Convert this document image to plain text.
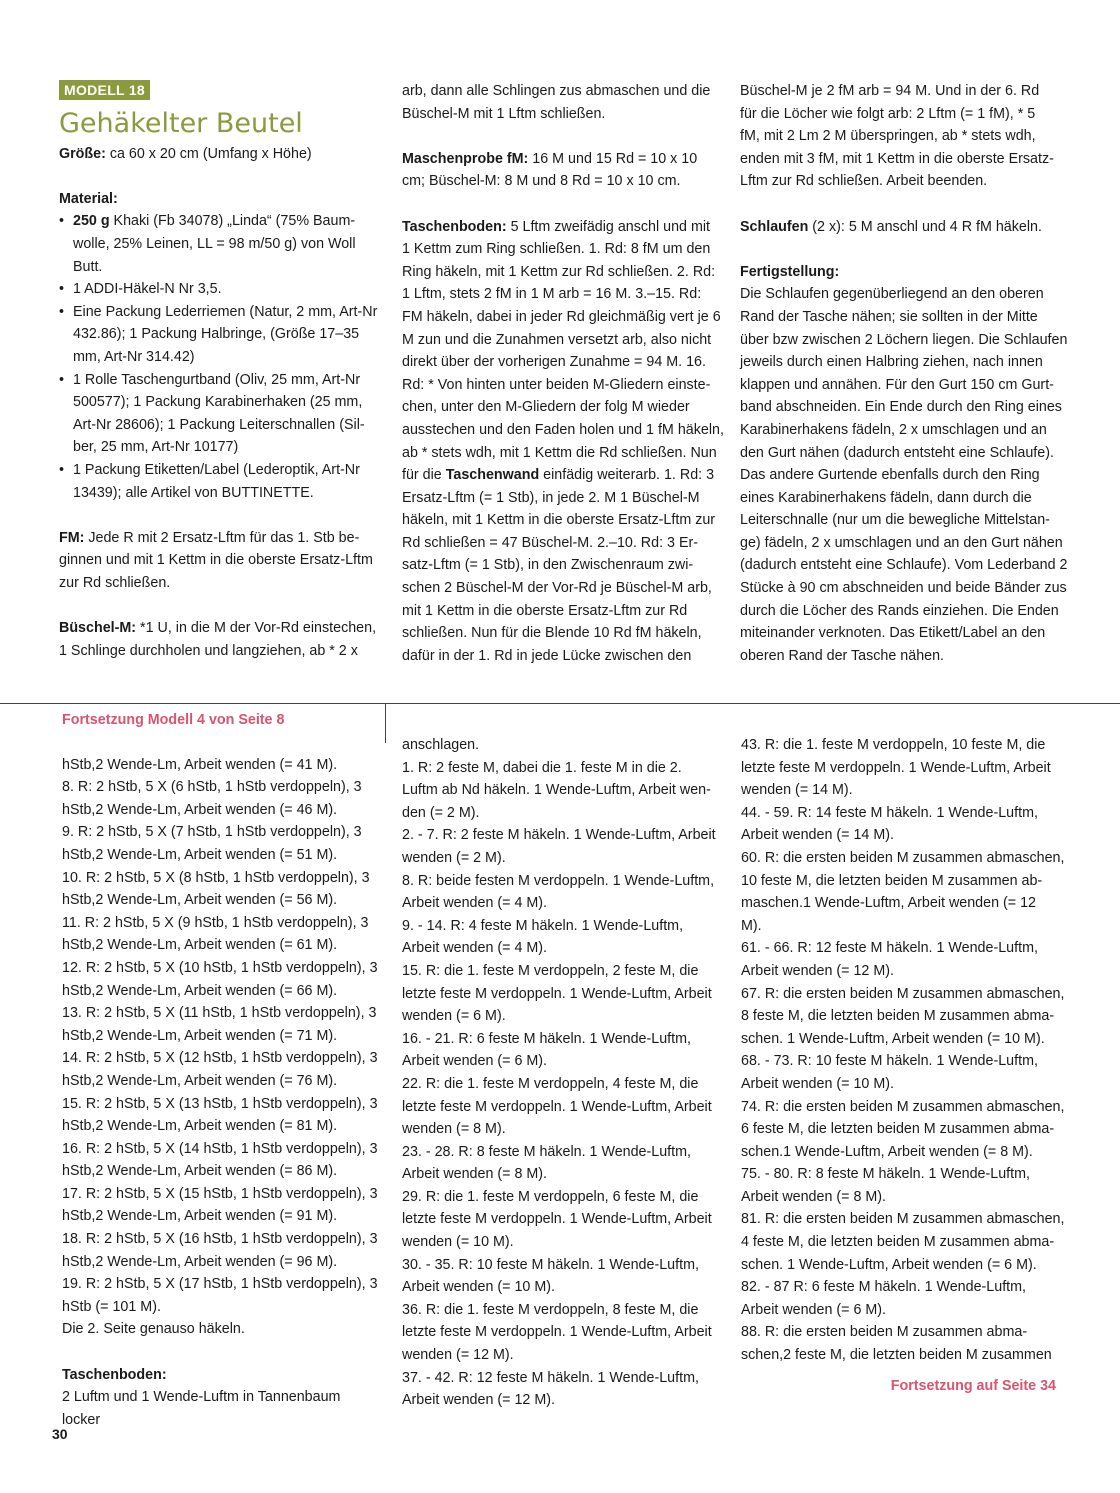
MODELL 18
Gehäkelter Beutel

Größe: ca 60 x 20 cm (Umfang x Höhe)

Material:

• 250 g Khaki (Fb 34078) „Linda“ (75% Baum-
wolle, 25% Leinen, LL = 98 m/50 g) von Woll
Butt.
• 1 ADDI-Häkel-N Nr 3,5.
• Eine Packung Lederriemen (Natur, 2 mm, Art-Nr
432.86); 1 Packung Halbringe, (Größe 17–35
mm, Art-Nr 314.42)
• 1 Rolle Taschengurtband (Oliv, 25 mm, Art-Nr
500577); 1 Packung Karabinerhaken (25 mm,
Art-Nr 28606); 1 Packung Leiterschnallen (Sil-
ber, 25 mm, Art-Nr 10177)
• 1 Packung Etiketten/Label (Lederoptik, Art-Nr
13439); alle Artikel von BUTTINETTE.

FM: Jede R mit 2 Ersatz-Lftm für das 1. Stb be-
ginnen und mit 1 Kettm in die oberste Ersatz-Lftm
zur Rd schließen.

Büschel-M: *1 U, in die M der Vor-Rd einstechen,
1 Schlinge durchholen und langziehen, ab * 2 x

arb, dann alle Schlingen zus abmaschen und die
Büschel-M mit 1 Lftm schließen.

Maschenprobe fM: 16 M und 15 Rd = 10 x 10
cm; Büschel-M: 8 M und 8 Rd = 10 x 10 cm.

Taschenboden: 5 Lftm zweifädig anschl und mit
1 Kettm zum Ring schließen. 1. Rd: 8 fM um den
Ring häkeln, mit 1 Kettm zur Rd schließen. 2. Rd:
1 Lftm, stets 2 fM in 1 M arb = 16 M. 3.–15. Rd:
FM häkeln, dabei in jeder Rd gleichmäßig vert je 6
M zun und die Zunahmen versetzt arb, also nicht
direkt über der vorherigen Zunahme = 94 M. 16.
Rd: * Von hinten unter beiden M-Gliedern einste-
chen, unter den M-Gliedern der folg M wieder
ausstechen und den Faden holen und 1 fM häkeln,
ab * stets wdh, mit 1 Kettm die Rd schließen. Nun
für die Taschenwand einfädig weiterarb. 1. Rd: 3
Ersatz-Lftm (= 1 Stb), in jede 2. M 1 Büschel-M
häkeln, mit 1 Kettm in die oberste Ersatz-Lftm zur
Rd schließen = 47 Büschel-M. 2.–10. Rd: 3 Er-
satz-Lftm (= 1 Stb), in den Zwischenraum zwi-
schen 2 Büschel-M der Vor-Rd je Büschel-M arb,
mit 1 Kettm in die oberste Ersatz-Lftm zur Rd
schließen. Nun für die Blende 10 Rd fM häkeln,
dafür in der 1. Rd in jede Lücke zwischen den

Büschel-M je 2 fM arb = 94 M. Und in der 6. Rd
für die Löcher wie folgt arb: 2 Lftm (= 1 fM), * 5
fM, mit 2 Lm 2 M überspringen, ab * stets wdh,
enden mit 3 fM, mit 1 Kettm in die oberste Ersatz-
Lftm zur Rd schließen. Arbeit beenden.

Schlaufen (2 x): 5 M anschl und 4 R fM häkeln.

Fertigstellung:

Die Schlaufen gegenüberliegend an den oberen
Rand der Tasche nähen; sie sollten in der Mitte
über bzw zwischen 2 Löchern liegen. Die Schlaufen
jeweils durch einen Halbring ziehen, nach innen
klappen und annähen. Für den Gurt 150 cm Gurt-
band abschneiden. Ein Ende durch den Ring eines
Karabinerhakens fädeln, 2 x umschlagen und an
den Gurt nähen (dadurch entsteht eine Schlaufe).
Das andere Gurtende ebenfalls durch den Ring
eines Karabinerhakens fädeln, dann durch die
Leiterschnalle (nur um die bewegliche Mittelstan-
ge) fädeln, 2 x umschlagen und an den Gurt nähen
(dadurch entsteht eine Schlaufe). Vom Lederband 2
Stücke à 90 cm abschneiden und beide Bänder zus
durch die Löcher des Rands einziehen. Die Enden
miteinander verknoten. Das Etikett/Label an den
oberen Rand der Tasche nähen.

Fortsetzung Modell 4 von Seite 8

hStb,2 Wende-Lm, Arbeit wenden (= 41 M).

8. R: 2 hStb, 5 X (6 hStb, 1 hStb verdoppeln), 3

hStb,2 Wende-Lm, Arbeit wenden (= 46 M).

9. R: 2 hStb, 5 X (7 hStb, 1 hStb verdoppeln), 3

hStb,2 Wende-Lm, Arbeit wenden (= 51 M).

10. R: 2 hStb, 5 X (8 hStb, 1 hStb verdoppeln), 3

hStb,2 Wende-Lm, Arbeit wenden (= 56 M).

11. R: 2 hStb, 5 X (9 hStb, 1 hStb verdoppeln), 3

hStb,2 Wende-Lm, Arbeit wenden (= 61 M).

12. R: 2 hStb, 5 X (10 hStb, 1 hStb verdoppeln), 3

hStb,2 Wende-Lm, Arbeit wenden (= 66 M).

13. R: 2 hStb, 5 X (11 hStb, 1 hStb verdoppeln), 3

hStb,2 Wende-Lm, Arbeit wenden (= 71 M).

14. R: 2 hStb, 5 X (12 hStb, 1 hStb verdoppeln), 3

hStb,2 Wende-Lm, Arbeit wenden (= 76 M).

15. R: 2 hStb, 5 X (13 hStb, 1 hStb verdoppeln), 3

hStb,2 Wende-Lm, Arbeit wenden (= 81 M).

16. R: 2 hStb, 5 X (14 hStb, 1 hStb verdoppeln), 3

hStb,2 Wende-Lm, Arbeit wenden (= 86 M).

17. R: 2 hStb, 5 X (15 hStb, 1 hStb verdoppeln), 3

hStb,2 Wende-Lm, Arbeit wenden (= 91 M).

18. R: 2 hStb, 5 X (16 hStb, 1 hStb verdoppeln), 3

hStb,2 Wende-Lm, Arbeit wenden (= 96 M).

19. R: 2 hStb, 5 X (17 hStb, 1 hStb verdoppeln), 3

hStb (= 101 M).

Die 2. Seite genauso häkeln.

Taschenboden:

2 Luftm und 1 Wende-Luftm in Tannenbaum locker

anschlagen.

1. R: 2 feste M, dabei die 1. feste M in die 2.

Luftm ab Nd häkeln. 1 Wende-Luftm, Arbeit wen-

den (= 2 M).

2. - 7. R: 2 feste M häkeln. 1 Wende-Luftm, Arbeit

wenden (= 2 M).

8. R: beide festen M verdoppeln. 1 Wende-Luftm,

Arbeit wenden (= 4 M).

9. - 14. R: 4 feste M häkeln. 1 Wende-Luftm,

Arbeit wenden (= 4 M).

15. R: die 1. feste M verdoppeln, 2 feste M, die

letzte feste M verdoppeln. 1 Wende-Luftm, Arbeit

wenden (= 6 M).

16. - 21. R: 6 feste M häkeln. 1 Wende-Luftm,

Arbeit wenden (= 6 M).

22. R: die 1. feste M verdoppeln, 4 feste M, die

letzte feste M verdoppeln. 1 Wende-Luftm, Arbeit

wenden (= 8 M).

23. - 28. R: 8 feste M häkeln. 1 Wende-Luftm,

Arbeit wenden (= 8 M).

29. R: die 1. feste M verdoppeln, 6 feste M, die

letzte feste M verdoppeln. 1 Wende-Luftm, Arbeit

wenden (= 10 M).

30. - 35. R: 10 feste M häkeln. 1 Wende-Luftm,

Arbeit wenden (= 10 M).

36. R: die 1. feste M verdoppeln, 8 feste M, die

letzte feste M verdoppeln. 1 Wende-Luftm, Arbeit

wenden (= 12 M).

37. - 42. R: 12 feste M häkeln. 1 Wende-Luftm,

Arbeit wenden (= 12 M).

43. R: die 1. feste M verdoppeln, 10 feste M, die

letzte feste M verdoppeln. 1 Wende-Luftm, Arbeit

wenden (= 14 M).

44. - 59. R: 14 feste M häkeln. 1 Wende-Luftm,

Arbeit wenden (= 14 M).

60. R: die ersten beiden M zusammen abmaschen,

10 feste M, die letzten beiden M zusammen ab-

maschen.1 Wende-Luftm, Arbeit wenden (= 12

M).

61. - 66. R: 12 feste M häkeln. 1 Wende-Luftm,

Arbeit wenden (= 12 M).

67. R: die ersten beiden M zusammen abmaschen,

8 feste M, die letzten beiden M zusammen abma-

schen. 1 Wende-Luftm, Arbeit wenden (= 10 M).

68. - 73. R: 10 feste M häkeln. 1 Wende-Luftm,

Arbeit wenden (= 10 M).

74. R: die ersten beiden M zusammen abmaschen,

6 feste M, die letzten beiden M zusammen abma-

schen.1 Wende-Luftm, Arbeit wenden (= 8 M).

75. - 80. R: 8 feste M häkeln. 1 Wende-Luftm,

Arbeit wenden (= 8 M).

81. R: die ersten beiden M zusammen abmaschen,

4 feste M, die letzten beiden M zusammen abma-

schen. 1 Wende-Luftm, Arbeit wenden (= 6 M).

82. - 87 R: 6 feste M häkeln. 1 Wende-Luftm,

Arbeit wenden (= 6 M).

88. R: die ersten beiden M zusammen abma-

schen,2 feste M, die letzten beiden M zusammen

Fortsetzung auf Seite 34

30
